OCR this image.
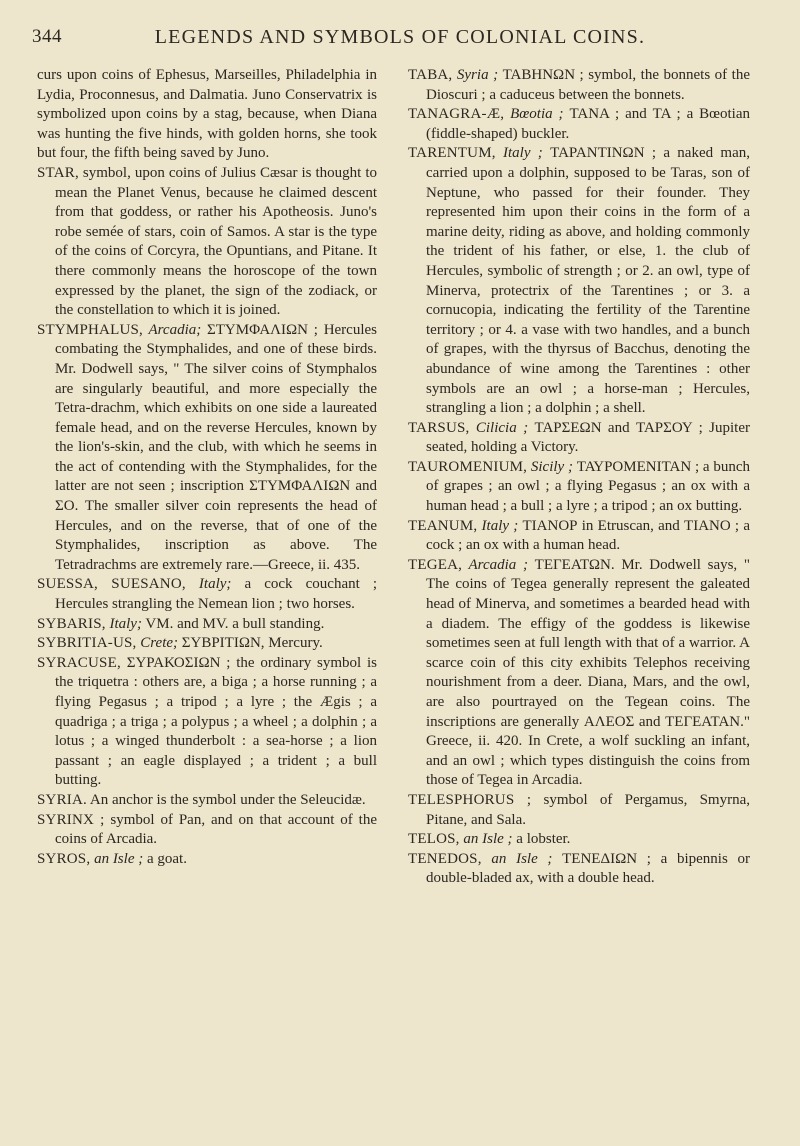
344	LEGENDS AND SYMBOLS OF COLONIAL COINS.

curs upon coins of Ephesus, Marseilles, Philadelphia in Lydia, Proconnesus, and Dalmatia. Juno Conservatrix is symbolized upon coins by a stag, because, when Diana was hunting the five hinds, with golden horns, she took but four, the fifth being saved by Juno.

STAR, symbol, upon coins of Julius Cæsar is thought to mean the Planet Venus, because he claimed descent from that goddess, or rather his Apotheosis. Juno's robe semée of stars, coin of Samos. A star is the type of the coins of Corcyra, the Opuntians, and Pitane. It there commonly means the horoscope of the town expressed by the planet, the sign of the zodiack, or the constellation to which it is joined.

STYMPHALUS, Arcadia; ΣΤΥΜΦΑΛΙΩΝ ; Hercules combating the Stymphalides, and one of these birds. Mr. Dodwell says, " The silver coins of Stymphalos are singularly beautiful, and more especially the Tetra-drachm, which exhibits on one side a laureated female head, and on the reverse Hercules, known by the lion's-skin, and the club, with which he seems in the act of contending with the Stymphalides, for the latter are not seen ; inscription ΣΤΥΜΦΑΛΙΩΝ and ΣΟ. The smaller silver coin represents the head of Hercules, and on the reverse, that of one of the Stymphalides, inscription as above. The Tetradrachms are extremely rare.—Greece, ii. 435.

SUESSA, SUESANO, Italy; a cock couchant ; Hercules strangling the Nemean lion ; two horses.

SYBARIS, Italy; VM. and MV. a bull standing.

SYBRITIA-US, Crete; ΣΥΒΡΙΤΙΩΝ, Mercury.

SYRACUSE, ΣΥΡΑΚΟΣΙΩΝ ; the ordinary symbol is the triquetra : others are, a biga ; a horse running ; a flying Pegasus ; a tripod ; a lyre ; the Ægis ; a quadriga ; a triga ; a polypus ; a wheel ; a dolphin ; a lotus ; a winged thunderbolt : a sea-horse ; a lion passant ; an eagle displayed ; a trident ; a bull butting.

SYRIA. An anchor is the symbol under the Seleucidæ.

SYRINX ; symbol of Pan, and on that account of the coins of Arcadia.

SYROS, an Isle ; a goat.

TABA, Syria ; ΤΑΒΗΝΩΝ ; symbol, the bonnets of the Dioscuri ; a caduceus between the bonnets.

TANAGRA-Æ, Bœotia ; ΤΑΝΑ ; and ΤΑ ; a Bœotian (fiddle-shaped) buckler.

TARENTUM, Italy ; ΤΑΡΑΝΤΙΝΩΝ ; a naked man, carried upon a dolphin, supposed to be Taras, son of Neptune, who passed for their founder. They represented him upon their coins in the form of a marine deity, riding as above, and holding commonly the trident of his father, or else, 1. the club of Hercules, symbolic of strength ; or 2. an owl, type of Minerva, protectrix of the Tarentines ; or 3. a cornucopia, indicating the fertility of the Tarentine territory ; or 4. a vase with two handles, and a bunch of grapes, with the thyrsus of Bacchus, denoting the abundance of wine among the Tarentines : other symbols are an owl ; a horse-man ; Hercules, strangling a lion ; a dolphin ; a shell.

TARSUS, Cilicia ; ΤΑΡΣΕΩΝ and ΤΑΡΣΟΥ ; Jupiter seated, holding a Victory.

TAUROMENIUM, Sicily ; ΤΑΥΡΟΜΕΝΙΤΑΝ ; a bunch of grapes ; an owl ; a flying Pegasus ; an ox with a human head ; a bull ; a lyre ; a tripod ; an ox butting.

TEANUM, Italy ; ΤΙΑΝΟΡ in Etruscan, and ΤΙΑΝΟ ; a cock ; an ox with a human head.

TEGEA, Arcadia ; ΤΕΓΕΑΤΩΝ. Mr. Dodwell says, " The coins of Tegea generally represent the galeated head of Minerva, and sometimes a bearded head with a diadem. The effigy of the goddess is likewise sometimes seen at full length with that of a warrior. A scarce coin of this city exhibits Telephos receiving nourishment from a deer. Diana, Mars, and the owl, are also pourtrayed on the Tegean coins. The inscriptions are generally ΑΛΕΟΣ and ΤΕΓΕΑΤΑΝ." Greece, ii. 420. In Crete, a wolf suckling an infant, and an owl ; which types distinguish the coins from those of Tegea in Arcadia.

TELESPHORUS ; symbol of Pergamus, Smyrna, Pitane, and Sala.

TELOS, an Isle ; a lobster.

TENEDOS, an Isle ; ΤΕΝΕΔΙΩΝ ; a bipennis or double-bladed ax, with a double head.
